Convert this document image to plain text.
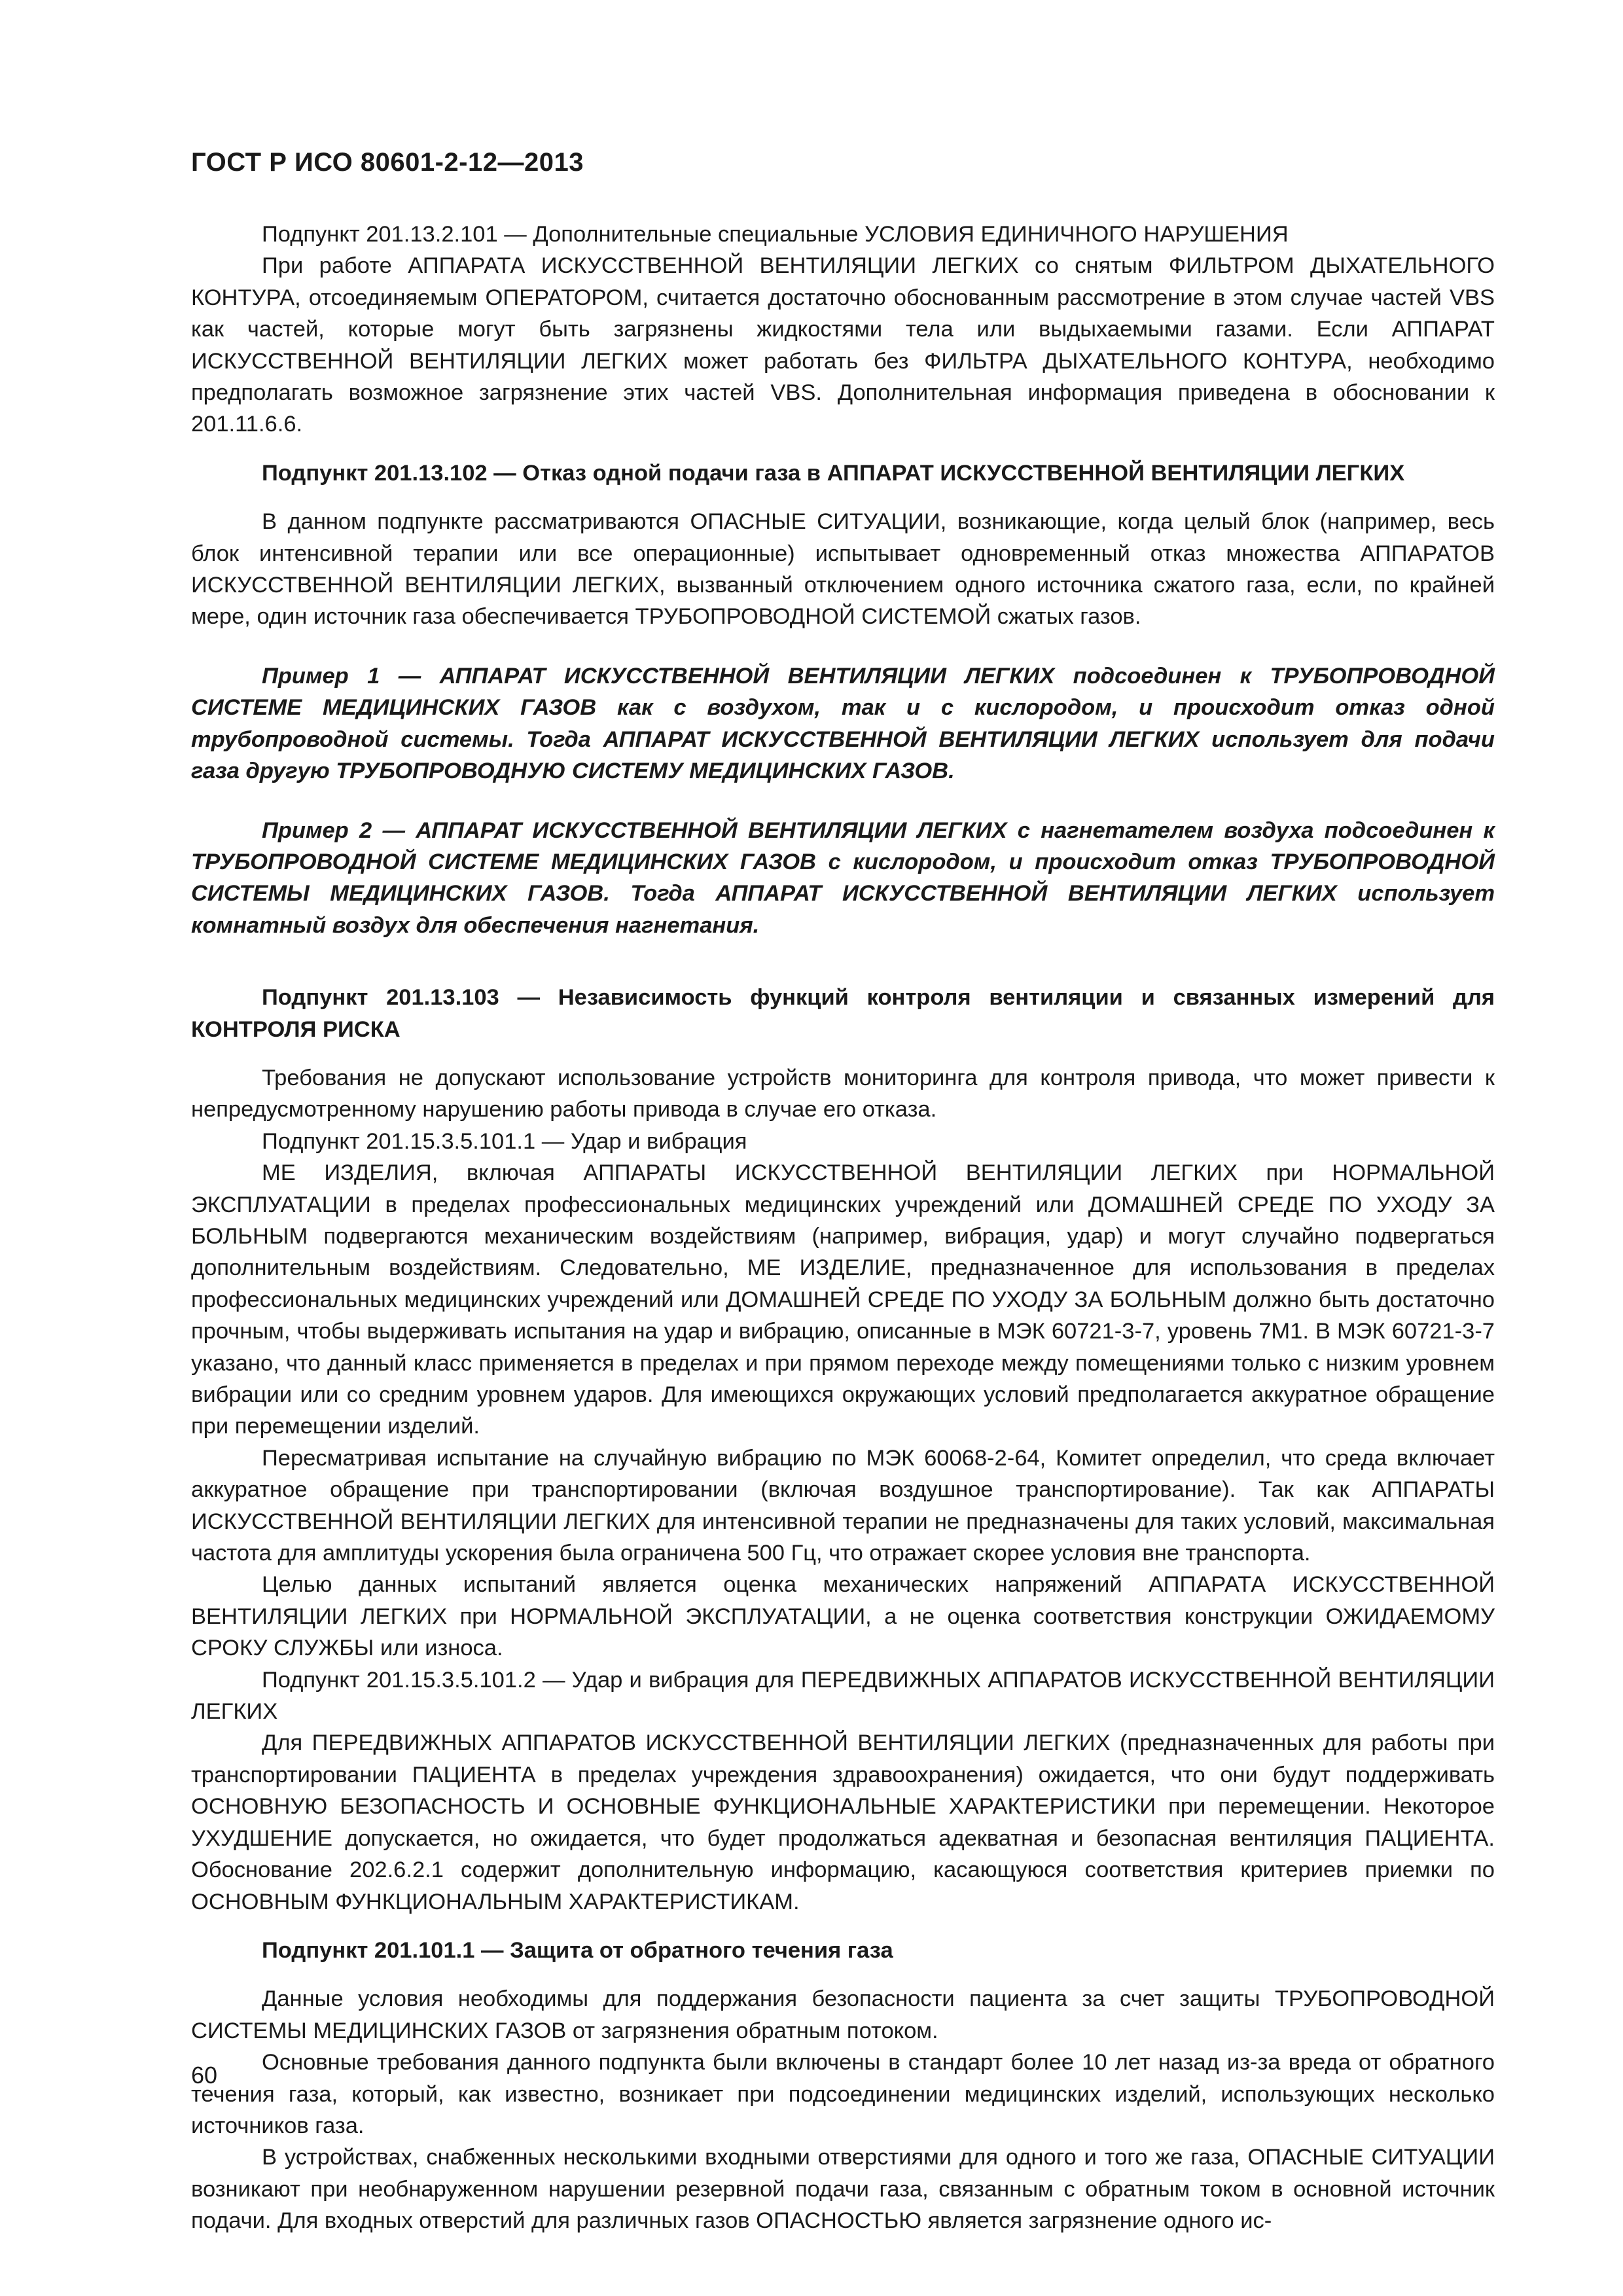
ГОСТ Р ИСО 80601-2-12—2013

Подпункт 201.13.2.101 — Дополнительные специальные УСЛОВИЯ ЕДИНИЧНОГО НАРУШЕНИЯ

При работе АППАРАТА ИСКУССТВЕННОЙ ВЕНТИЛЯЦИИ ЛЕГКИХ со снятым ФИЛЬТРОМ ДЫХАТЕЛЬНОГО КОНТУРА, отсоединяемым ОПЕРАТОРОМ, считается достаточно обоснованным рассмотрение в этом случае частей VBS как частей, которые могут быть загрязнены жидкостями тела или выдыхаемыми газами. Если АППАРАТ ИСКУССТВЕННОЙ ВЕНТИЛЯЦИИ ЛЕГКИХ может работать без ФИЛЬТРА ДЫХАТЕЛЬНОГО КОНТУРА, необходимо предполагать возможное загрязнение этих частей VBS. Дополнительная информация приведена в обосновании к 201.11.6.6.

Подпункт 201.13.102 — Отказ одной подачи газа в АППАРАТ ИСКУССТВЕННОЙ ВЕНТИЛЯЦИИ ЛЕГКИХ

В данном подпункте рассматриваются ОПАСНЫЕ СИТУАЦИИ, возникающие, когда целый блок (например, весь блок интенсивной терапии или все операционные) испытывает одновременный отказ множества АППАРАТОВ ИСКУССТВЕННОЙ ВЕНТИЛЯЦИИ ЛЕГКИХ, вызванный отключением одного источника сжатого газа, если, по крайней мере, один источник газа обеспечивается ТРУБОПРОВОДНОЙ СИСТЕМОЙ сжатых газов.

Пример 1 — АППАРАТ ИСКУССТВЕННОЙ ВЕНТИЛЯЦИИ ЛЕГКИХ подсоединен к ТРУБОПРОВОДНОЙ СИСТЕМЕ МЕДИЦИНСКИХ ГАЗОВ как с воздухом, так и с кислородом, и происходит отказ одной трубопроводной системы. Тогда АППАРАТ ИСКУССТВЕННОЙ ВЕНТИЛЯЦИИ ЛЕГКИХ использует для подачи газа другую ТРУБОПРОВОДНУЮ СИСТЕМУ МЕДИЦИНСКИХ ГАЗОВ.

Пример 2 — АППАРАТ ИСКУССТВЕННОЙ ВЕНТИЛЯЦИИ ЛЕГКИХ с нагнетателем воздуха подсоединен к ТРУБОПРОВОДНОЙ СИСТЕМЕ МЕДИЦИНСКИХ ГАЗОВ с кислородом, и происходит отказ ТРУБОПРОВОДНОЙ СИСТЕМЫ МЕДИЦИНСКИХ ГАЗОВ. Тогда АППАРАТ ИСКУССТВЕННОЙ ВЕНТИЛЯЦИИ ЛЕГКИХ использует комнатный воздух для обеспечения нагнетания.

Подпункт 201.13.103 — Независимость функций контроля вентиляции и связанных измерений для КОНТРОЛЯ РИСКА

Требования не допускают использование устройств мониторинга для контроля привода, что может привести к непредусмотренному нарушению работы привода в случае его отказа.

Подпункт 201.15.3.5.101.1 — Удар и вибрация

МЕ ИЗДЕЛИЯ, включая АППАРАТЫ ИСКУССТВЕННОЙ ВЕНТИЛЯЦИИ ЛЕГКИХ при НОРМАЛЬНОЙ ЭКСПЛУАТАЦИИ в пределах профессиональных медицинских учреждений или ДОМАШНЕЙ СРЕДЕ ПО УХОДУ ЗА БОЛЬНЫМ подвергаются механическим воздействиям (например, вибрация, удар) и могут случайно подвергаться дополнительным воздействиям. Следовательно, МЕ ИЗДЕЛИЕ, предназначенное для использования в пределах профессиональных медицинских учреждений или ДОМАШНЕЙ СРЕДЕ ПО УХОДУ ЗА БОЛЬНЫМ должно быть достаточно прочным, чтобы выдерживать испытания на удар и вибрацию, описанные в МЭК 60721-3-7, уровень 7M1. В МЭК 60721-3-7 указано, что данный класс применяется в пределах и при прямом переходе между помещениями только с низким уровнем вибрации или со средним уровнем ударов. Для имеющихся окружающих условий предполагается аккуратное обращение при перемещении изделий.

Пересматривая испытание на случайную вибрацию по МЭК 60068-2-64, Комитет определил, что среда включает аккуратное обращение при транспортировании (включая воздушное транспортирование). Так как АППАРАТЫ ИСКУССТВЕННОЙ ВЕНТИЛЯЦИИ ЛЕГКИХ для интенсивной терапии не предназначены для таких условий, максимальная частота для амплитуды ускорения была ограничена 500 Гц, что отражает скорее условия вне транспорта.

Целью данных испытаний является оценка механических напряжений АППАРАТА ИСКУССТВЕННОЙ ВЕНТИЛЯЦИИ ЛЕГКИХ при НОРМАЛЬНОЙ ЭКСПЛУАТАЦИИ, а не оценка соответствия конструкции ОЖИДАЕМОМУ СРОКУ СЛУЖБЫ или износа.

Подпункт 201.15.3.5.101.2 — Удар и вибрация для ПЕРЕДВИЖНЫХ АППАРАТОВ ИСКУССТВЕННОЙ ВЕНТИЛЯЦИИ ЛЕГКИХ

Для ПЕРЕДВИЖНЫХ АППАРАТОВ ИСКУССТВЕННОЙ ВЕНТИЛЯЦИИ ЛЕГКИХ (предназначенных для работы при транспортировании ПАЦИЕНТА в пределах учреждения здравоохранения) ожидается, что они будут поддерживать ОСНОВНУЮ БЕЗОПАСНОСТЬ И ОСНОВНЫЕ ФУНКЦИОНАЛЬНЫЕ ХАРАКТЕРИСТИКИ при перемещении. Некоторое УХУДШЕНИЕ допускается, но ожидается, что будет продолжаться адекватная и безопасная вентиляция ПАЦИЕНТА. Обоснование 202.6.2.1 содержит дополнительную информацию, касающуюся соответствия критериев приемки по ОСНОВНЫМ ФУНКЦИОНАЛЬНЫМ ХАРАКТЕРИСТИКАМ.

Подпункт 201.101.1 — Защита от обратного течения газа

Данные условия необходимы для поддержания безопасности пациента за счет защиты ТРУБОПРОВОДНОЙ СИСТЕМЫ МЕДИЦИНСКИХ ГАЗОВ от загрязнения обратным потоком.

Основные требования данного подпункта были включены в стандарт более 10 лет назад из-за вреда от обратного течения газа, который, как известно, возникает при подсоединении медицинских изделий, использующих несколько источников газа.

В устройствах, снабженных несколькими входными отверстиями для одного и того же газа, ОПАСНЫЕ СИТУАЦИИ возникают при необнаруженном нарушении резервной подачи газа, связанным с обратным током в основной источник подачи. Для входных отверстий для различных газов ОПАСНОСТЬЮ является загрязнение одного ис-

60
